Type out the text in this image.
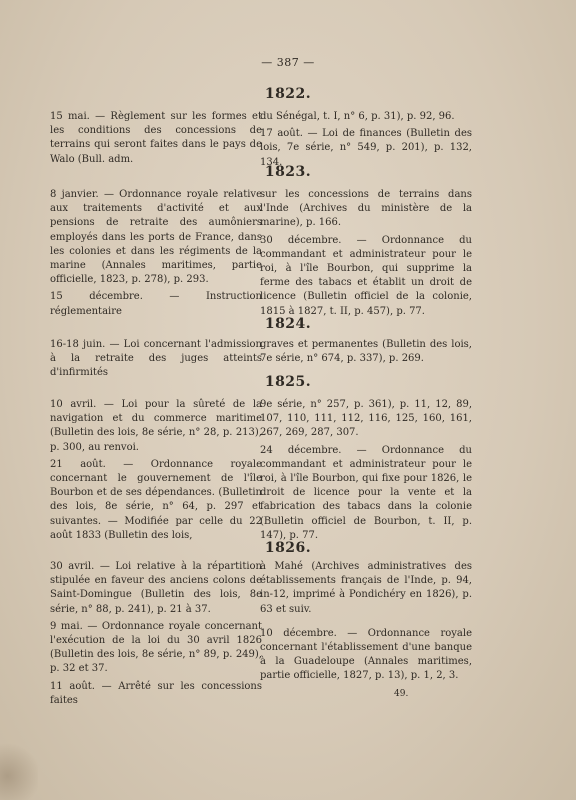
— 387 —
1822.

15 mai. — Règlement sur les formes et les conditions des concessions de terrains qui seront faites dans le pays de Walo (Bull. adm.

du Sénégal, t. I, n° 6, p. 31), p. 92, 96.

17 août. — Loi de finances (Bulletin des lois, 7e série, n° 549, p. 201), p. 132, 134.

1823.

8 janvier. — Ordonnance royale relative aux traitements d'activité et aux pensions de retraite des aumôniers employés dans les ports de France, dans les colonies et dans les régiments de la marine (Annales maritimes, partie officielle, 1823, p. 278), p. 293.

15 décembre. — Instruction réglementaire

sur les concessions de terrains dans l'Inde (Archives du ministère de la marine), p. 166.

30 décembre. — Ordonnance du commandant et administrateur pour le roi, à l'île Bourbon, qui supprime la ferme des tabacs et établit un droit de licence (Bulletin officiel de la colonie, 1815 à 1827, t. II, p. 457), p. 77.

1824.

16-18 juin. — Loi concernant l'admission à la retraite des juges atteints d'infirmités

graves et permanentes (Bulletin des lois, 7e série, n° 674, p. 337), p. 269.

1825.

10 avril. — Loi pour la sûreté de la navigation et du commerce maritime (Bulletin des lois, 8e série, n° 28, p. 213), p. 300, au renvoi.

21 août. — Ordonnance royale concernant le gouvernement de l'île Bourbon et de ses dépendances. (Bulletin des lois, 8e série, n° 64, p. 297 et suivantes. — Modifiée par celle du 22 août 1833 (Bulletin des lois,

9e série, n° 257, p. 361), p. 11, 12, 89, 107, 110, 111, 112, 116, 125, 160, 161, 267, 269, 287, 307.

24 décembre. — Ordonnance du commandant et administrateur pour le roi, à l'île Bourbon, qui fixe pour 1826, le droit de licence pour la vente et la fabrication des tabacs dans la colonie (Bulletin officiel de Bourbon, t. II, p. 147), p. 77.

1826.

30 avril. — Loi relative à la répartition stipulée en faveur des anciens colons de Saint-Domingue (Bulletin des lois, 8e série, n° 88, p. 241), p. 21 à 37.

9 mai. — Ordonnance royale concernant l'exécution de la loi du 30 avril 1826 (Bulletin des lois, 8e série, n° 89, p. 249), p. 32 et 37.

11 août. — Arrêté sur les concessions faites

à Mahé (Archives administratives des établissements français de l'Inde, p. 94, in-12, imprimé à Pondichéry en 1826), p. 63 et suiv.

10 décembre. — Ordonnance royale concernant l'établissement d'une banque à la Guadeloupe (Annales maritimes, partie officielle, 1827, p. 13), p. 1, 2, 3.

49.
